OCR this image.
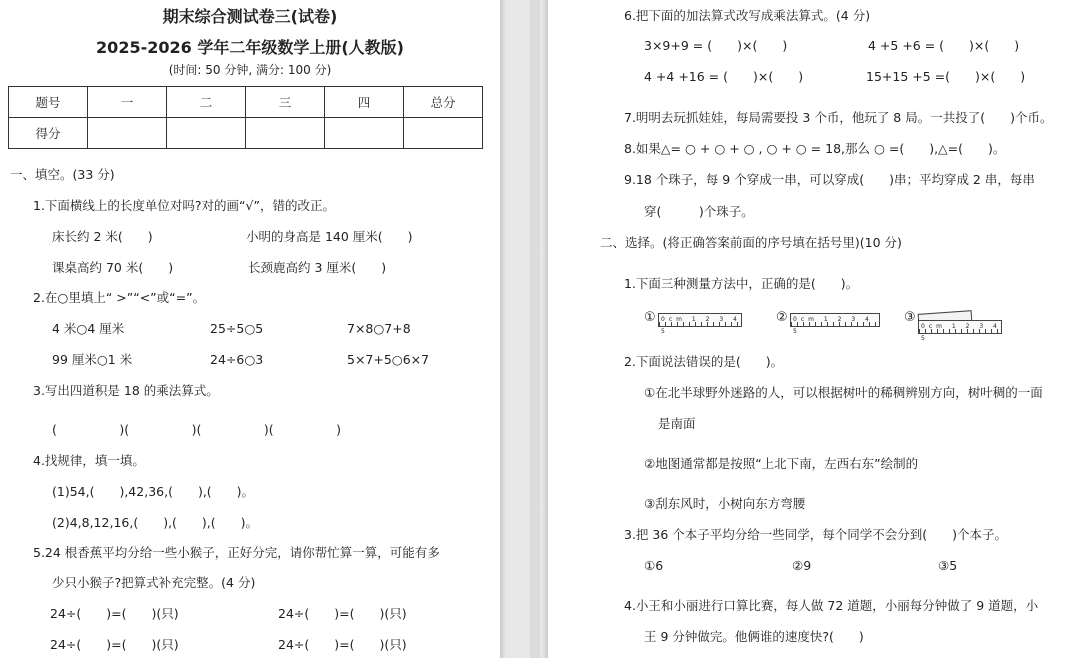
期末综合测试卷三(试卷)
2025-2026 学年二年级数学上册(人教版)
(时间: 50 分钟, 满分: 100 分)
题号	一	二	三	四	总分
得分					
一、填空。(33 分)
1.下面横线上的长度单位对吗?对的画“√”，错的改正。
床长约 2 米(　　)	小明的身高是 140 厘米(　　)
课桌高约 70 米(　　)	长颈鹿高约 3 厘米(　　)
2.在○里填上“ >”“<”或“=”。
4 米○4 厘米	25÷5○5	7×8○7+8
99 厘米○1 米	24÷6○3	5×7+5○6×7
3.写出四道积是 18 的乘法算式。
(　　　　　)(　　　　　)(　　　　　)(　　　　　)
4.找规律，填一填。
(1)54,(　　),42,36,(　　),(　　)。
(2)4,8,12,16,(　　),(　　),(　　)。
5.24 根香蕉平均分给一些小猴子，正好分完，请你帮忙算一算，可能有多
少只小猴子?把算式补充完整。(4 分)
24÷(　　)=(　　)(只)	24÷(　　)=(　　)(只)
24÷(　　)=(　　)(只)	24÷(　　)=(　　)(只)
6.把下面的加法算式改写成乘法算式。(4 分)
3×9+9 = (　　)×(　　)	4 +5 +6 = (　　)×(　　)
4 +4 +16 = (　　)×(　　)	15+15 +5 =(　　)×(　　)
7.明明去玩抓娃娃，每局需要投 3 个币，他玩了 8 局。一共投了(　　)个币。
8.如果△= ○ + ○ + ○ , ○ + ○ = 18,那么 ○ =(　　),△=(　　)。
9.18 个珠子，每 9 个穿成一串，可以穿成(　　)串；平均穿成 2 串，每串
穿(　　　)个珠子。
二、选择。(将正确答案前面的序号填在括号里)(10 分)
1.下面三种测量方法中，正确的是(　　)。
① 0cm 1 2 3 4 5
② 0cm 1 2 3 4 5
③
0cm 1 2 3 4 5
2.下面说法错误的是(　　)。
①在北半球野外迷路的人，可以根据树叶的稀稠辨别方向，树叶稠的一面
是南面
②地图通常都是按照“上北下南，左西右东”绘制的
③刮东风时，小树向东方弯腰
3.把 36 个本子平均分给一些同学，每个同学不会分到(　　)个本子。
①6	②9	③5
4.小王和小丽进行口算比赛，每人做 72 道题，小丽每分钟做了 9 道题，小
王 9 分钟做完。他俩谁的速度快?(　　)
